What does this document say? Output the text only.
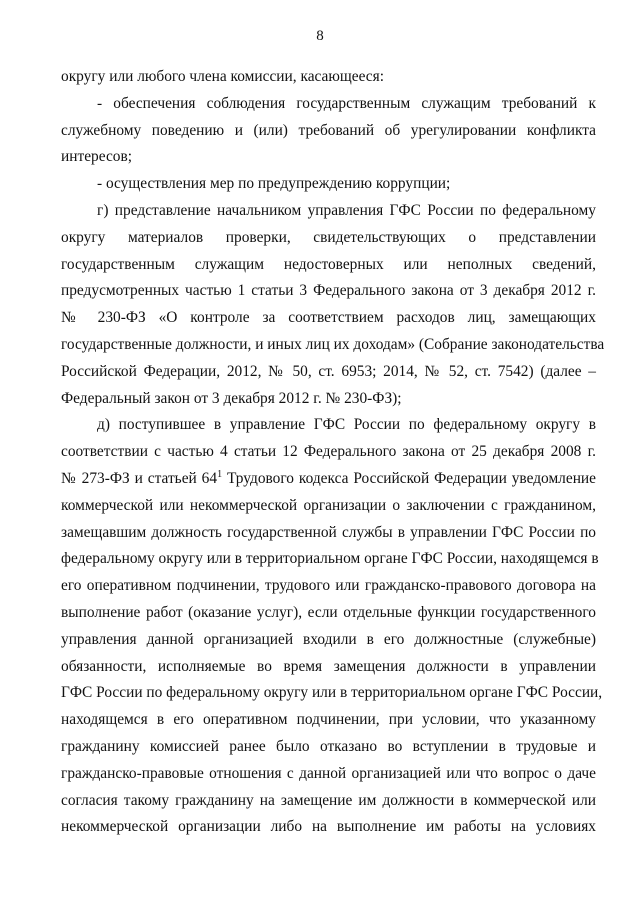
8
округу или любого члена комиссии, касающееся:
- обеспечения соблюдения государственным служащим требований к
служебному поведению и (или) требований об урегулировании конфликта
интересов;
- осуществления мер по предупреждению коррупции;
г) представление начальником управления ГФС России по федеральному
округу материалов проверки, свидетельствующих о представлении
государственным служащим недостоверных или неполных сведений,
предусмотренных частью 1 статьи 3 Федерального закона от 3 декабря 2012 г.
№ 230-ФЗ «О контроле за соответствием расходов лиц, замещающих
государственные должности, и иных лиц их доходам» (Собрание законодательства
Российской Федерации, 2012, № 50, ст. 6953; 2014, № 52, ст. 7542) (далее –
Федеральный закон от 3 декабря 2012 г. № 230-ФЗ);
д) поступившее в управление ГФС России по федеральному округу в
соответствии с частью 4 статьи 12 Федерального закона от 25 декабря 2008 г.
№ 273-ФЗ и статьей $64^1$ Трудового кодекса Российской Федерации уведомление
коммерческой или некоммерческой организации о заключении с гражданином,
замещавшим должность государственной службы в управлении ГФС России по
федеральному округу или в территориальном органе ГФС России, находящемся в
его оперативном подчинении, трудового или гражданско-правового договора на
выполнение работ (оказание услуг), если отдельные функции государственного
управления данной организацией входили в его должностные (служебные)
обязанности, исполняемые во время замещения должности в управлении
ГФС России по федеральному округу или в территориальном органе ГФС России,
находящемся в его оперативном подчинении, при условии, что указанному
гражданину комиссией ранее было отказано во вступлении в трудовые и
гражданско-правовые отношения с данной организацией или что вопрос о даче
согласия такому гражданину на замещение им должности в коммерческой или
некоммерческой организации либо на выполнение им работы на условиях
